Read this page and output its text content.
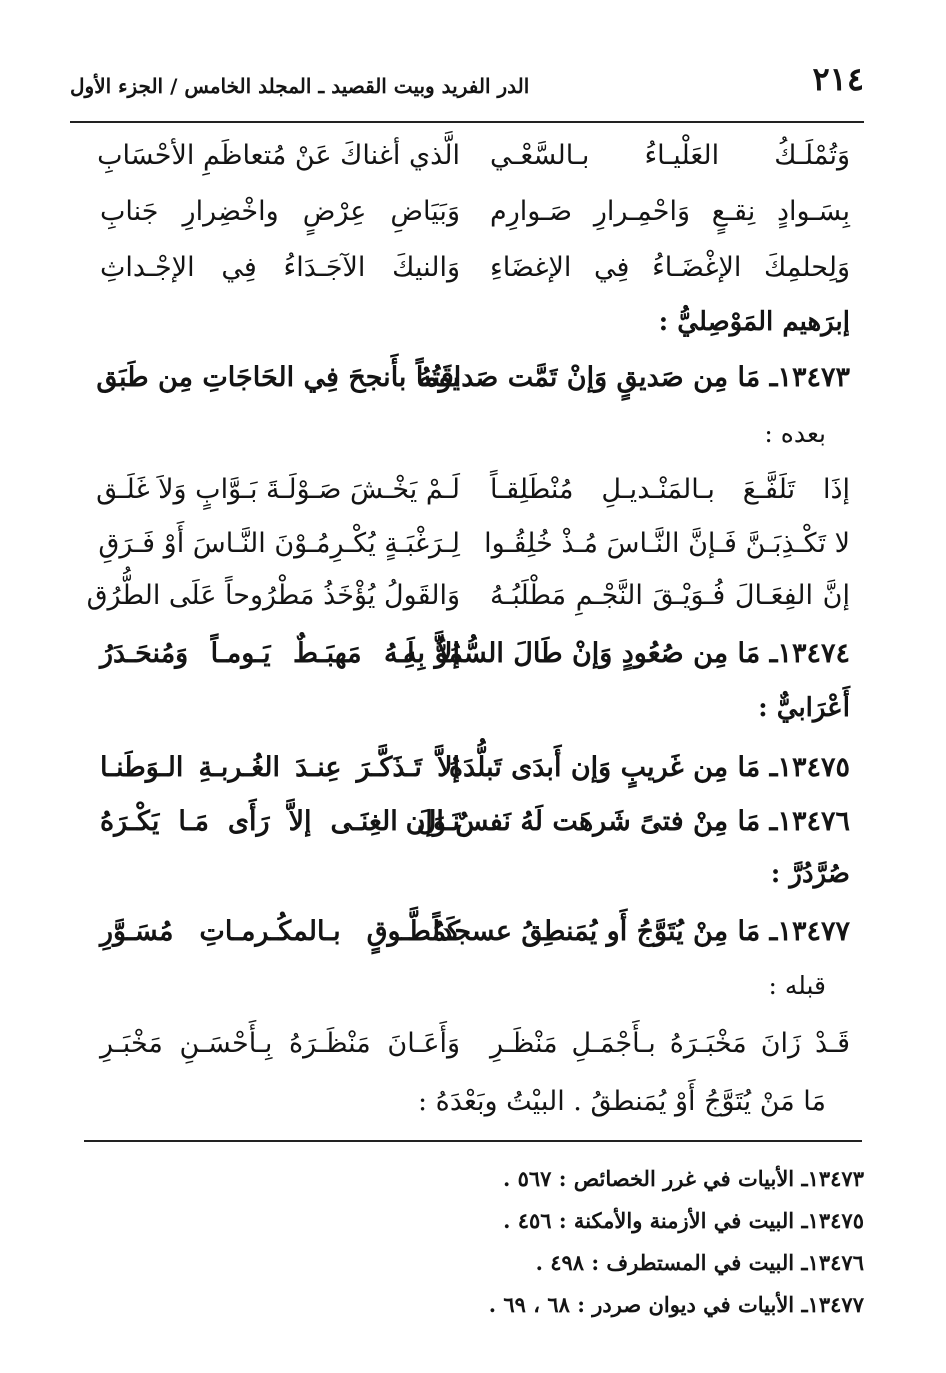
٢١٤
الدر الفريد وبيت القصيد ـ المجلد الخامس / الجزء الأول
وَتُمْلَـكُ العَلْيـاءُ بـالسَّعْـي
الَّذي أغناكَ عَنْ مُتعاظَمِ الأحْسَابِ
بِسَـوادٍ نِقـعٍ وَاحْمِـرارِ صَـوارِم
وَبَيَاضِ عِرْضٍ واخْضِرارِ جَنابِ
وَلِحلمِكَ الإغْضَـاءُ فِي الإغضَاءِ
وَالنيكَ الآجَـدَاءُ فِي الإجْـداثِ
إبرَهيم المَوْصِليُّ :
١٣٤٧٣ـ مَا مِن صَديقٍ وَإنْ تَمَّت صَداقَتُهُ
يوماً بأَنجحَ فِي الحَاجَاتِ مِن طَبَق
بعده :
إذَا تَلَفَّـعَ بـالمَنْـديـلِ مُنْطَلِقـاً
لَـمْ يَخْـشَ صَـوْلَـةَ بَـوَّابٍ وَلاَ غَلَـق
لا تَكْـذِبَـنَّ فَـإنَّ النَّـاسَ مُـذْ خُلِقُـوا
لِـرَغْبَـةٍ يُكْـرِمُـوْنَ النَّـاسَ أَوْ فَـرَقِ
إنَّ الفِعَـالَ فُـوَيْـقَ النَّجْـمِ مَطْلَبُـهُ
وَالقَولُ يُؤْخَذُ مَطْرُوحاً عَلَى الطُّرُق
١٣٤٧٤ـ مَا مِن صُعُودٍ وَإنْ طَالَ السُّمُوُّ بِهِ
إلاَّ لَـهُ مَهبَـطٌ يَـومـاً وَمُنحَـدَرُ
أَعْرَابيٌّ :
١٣٤٧٥ـ مَا مِن غَريبٍ وَإن أَبدَى تَبلُّدَهُ
إلاَّ تَـذَكَّـرَ عِنـدَ الغُـربـةِ الـوَطَنـا
١٣٤٧٦ـ مَا مِنْ فتىً شَرهَت لَهُ نَفسٌ وَإن
نَـالَ الغِنَـى إلاَّ رَأَى مَـا يَكْـرَهُ
صُرَّدُرَّ :
١٣٤٧٧ـ مَا مِنْ يُتَوَّجُ أَو يُمَنطِقُ عسجداً
كَمُطَّـوقٍ بـالمكُـرمـاتِ مُسَـوَّرِ
قبله :
قَـدْ زَانَ مَخْبَـرَهُ بـأَجْمَـلِ مَنْظَـرِ
وَأَعَـانَ مَنْظَـرَهُ بِـأَحْسَـنِ مَخْبَـرِ
مَا مَنْ يُتَوَّجُ أَوْ يُمَنطقُ . البيْتُ وبَعْدَهُ :
١٣٤٧٣ـ الأبيات في غرر الخصائص : ٥٦٧ .
١٣٤٧٥ـ البيت في الأزمنة والأمكنة : ٤٥٦ .
١٣٤٧٦ـ البيت في المستطرف : ٤٩٨ .
١٣٤٧٧ـ الأبيات في ديوان صردر : ٦٨ ، ٦٩ .
